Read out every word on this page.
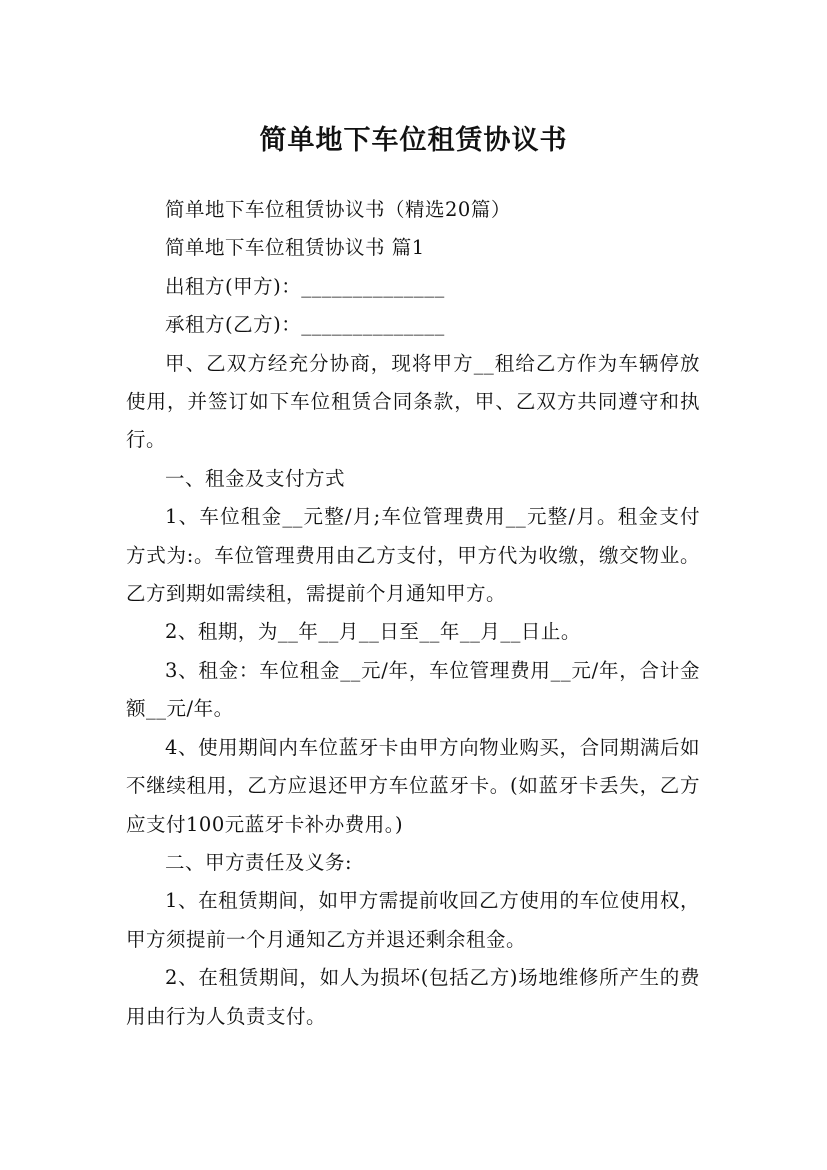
简单地下车位租赁协议书

简单地下车位租赁协议书（精选20篇）

简单地下车位租赁协议书 篇1

出租方(甲方)：______________

承租方(乙方)：______________

甲、乙双方经充分协商，现将甲方__租给乙方作为车辆停放使用，并签订如下车位租赁合同条款，甲、乙双方共同遵守和执行。

一、租金及支付方式

1、车位租金__元整/月;车位管理费用__元整/月。租金支付方式为:。车位管理费用由乙方支付，甲方代为收缴，缴交物业。乙方到期如需续租，需提前个月通知甲方。

2、租期，为__年__月__日至__年__月__日止。

3、租金：车位租金__元/年，车位管理费用__元/年，合计金额__元/年。

4、使用期间内车位蓝牙卡由甲方向物业购买，合同期满后如不继续租用，乙方应退还甲方车位蓝牙卡。(如蓝牙卡丢失，乙方应支付100元蓝牙卡补办费用。)

二、甲方责任及义务:

1、在租赁期间，如甲方需提前收回乙方使用的车位使用权，甲方须提前一个月通知乙方并退还剩余租金。

2、在租赁期间，如人为损坏(包括乙方)场地维修所产生的费用由行为人负责支付。
